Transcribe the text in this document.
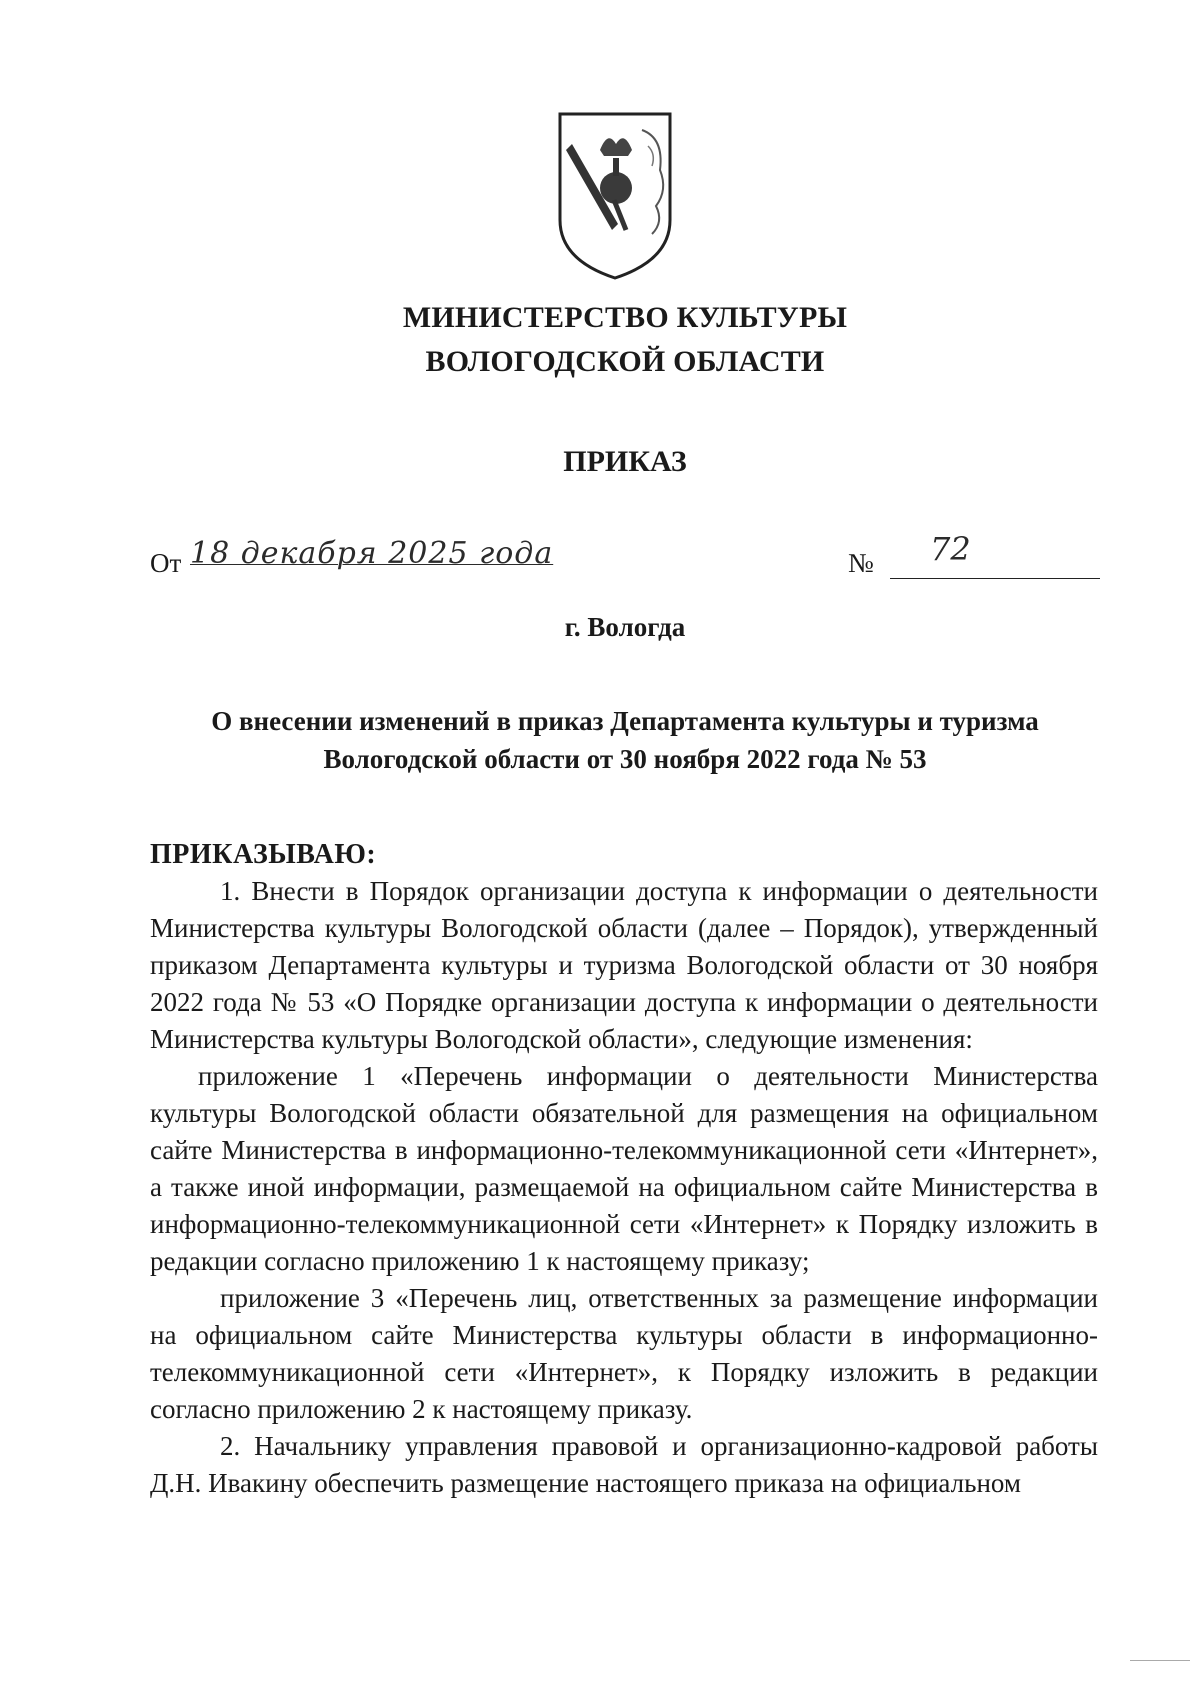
МИНИСТЕРСТВО КУЛЬТУРЫ
ВОЛОГОДСКОЙ ОБЛАСТИ
ПРИКАЗ
От 18 декабря 2025 года	№ 72
г. Вологда
О внесении изменений в приказ Департамента культуры и туризма
Вологодской области от 30 ноября 2022 года № 53

ПРИКАЗЫВАЮ:

1. Внести в Порядок организации доступа к информации о деятельности Министерства культуры Вологодской области (далее – Порядок), утвержденный приказом Департамента культуры и туризма Вологодской области от 30 ноября 2022 года № 53 «О Порядке организации доступа к информации о деятельности Министерства культуры Вологодской области», следующие изменения:

приложение 1 «Перечень информации о деятельности Министерства культуры Вологодской области обязательной для размещения на официальном сайте Министерства в информационно-телекоммуникационной сети «Интернет», а также иной информации, размещаемой на официальном сайте Министерства в информационно-телекоммуникационной сети «Интернет» к Порядку изложить в редакции согласно приложению 1 к настоящему приказу;

приложение 3 «Перечень лиц, ответственных за размещение информации на официальном сайте Министерства культуры области в информационно-телекоммуникационной сети «Интернет», к Порядку изложить в редакции согласно приложению 2 к настоящему приказу.

2. Начальнику управления правовой и организационно-кадровой работы Д.Н. Ивакину обеспечить размещение настоящего приказа на официальном
